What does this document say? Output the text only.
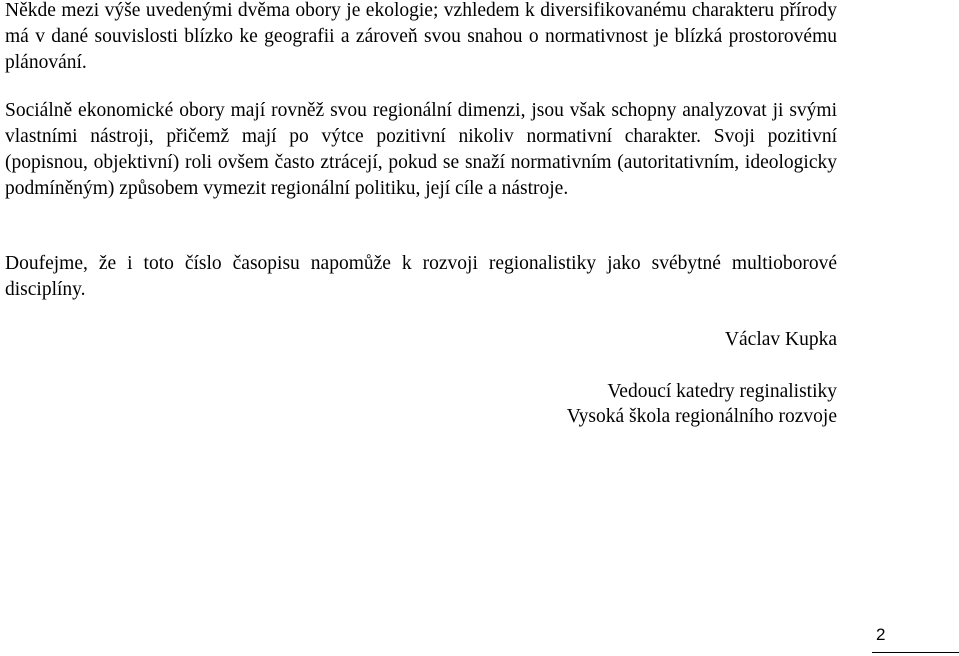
Někde mezi výše uvedenými dvěma obory je ekologie; vzhledem k diversifikovanému charakteru přírody má v dané souvislosti blízko ke geografii a zároveň svou snahou o normativnost je blízká prostorovému plánování.

Sociálně ekonomické obory mají rovněž svou regionální dimenzi, jsou však schopny analyzovat ji svými vlastními nástroji, přičemž mají po výtce pozitivní nikoliv normativní charakter. Svoji pozitivní (popisnou, objektivní) roli ovšem často ztrácejí, pokud se snaží normativním (autoritativním, ideologicky podmíněným) způsobem vymezit regionální politiku, její cíle a nástroje.

Doufejme, že i toto číslo časopisu napomůže k rozvoji regionalistiky jako svébytné multioborové disciplíny.

Václav Kupka
Vedoucí katedry reginalistiky
Vysoká škola regionálního rozvoje
2
